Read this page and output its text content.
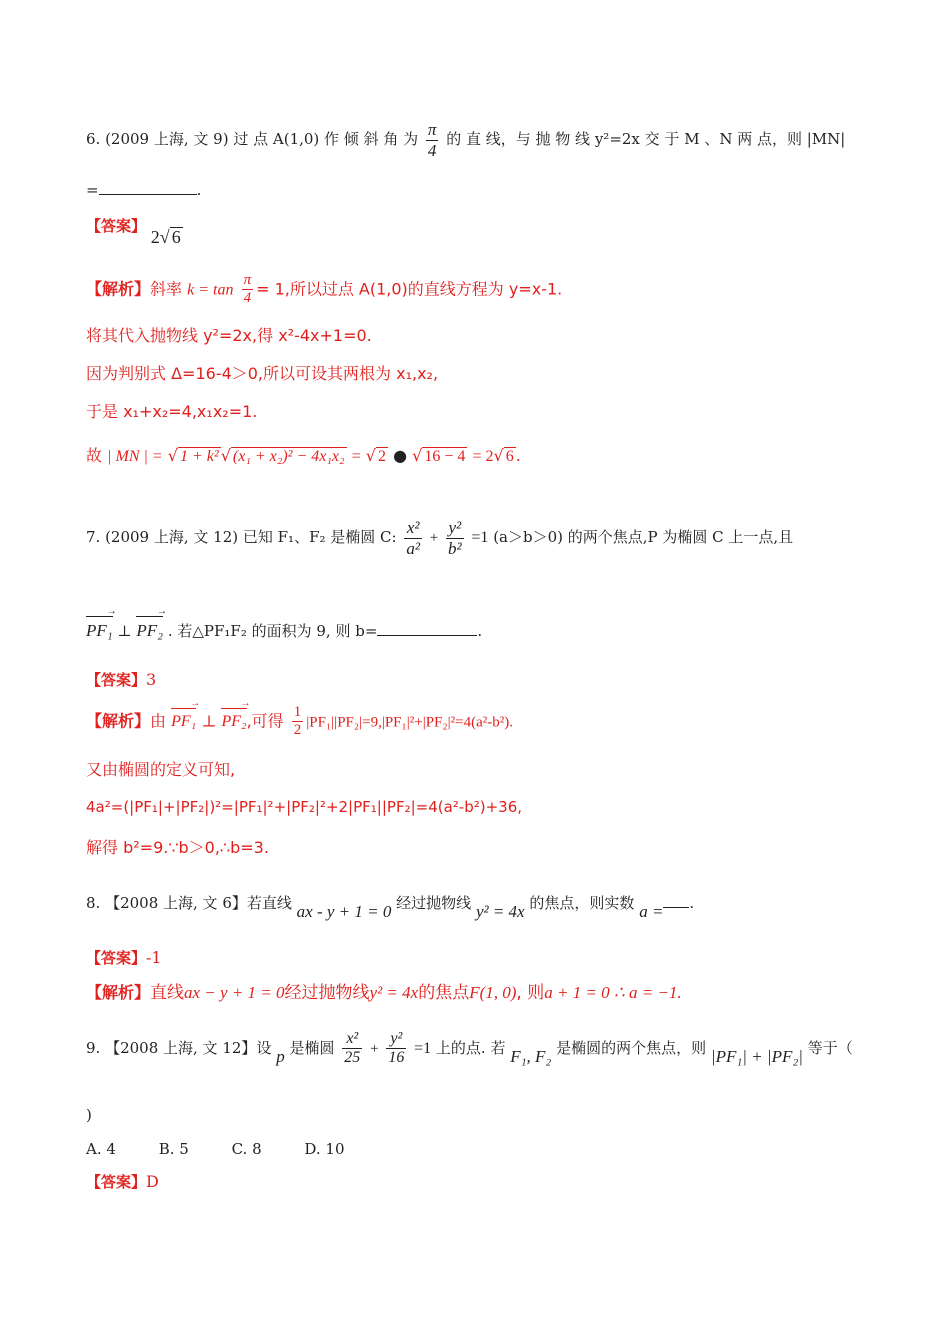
6. (2009 上海, 文 9) 过 点 A(1,0) 作 倾 斜 角 为 $\frac{\pi}{4}$ 的 直 线，与 抛 物 线 y²=2x 交 于 M 、N 两 点，则 |MN|
=	.
【答案】 2√ 6
【解析】斜率 $k = \tan \frac{\pi}{4} = 1$,所以过点 A(1,0)的直线方程为 y=x-1.
将其代入抛物线 y²=2x,得 x²-4x+1=0.
因为判别式 Δ=16-4＞0,所以可设其两根为 x₁,x₂,
于是 x₁+x₂=4,x₁x₂=1.
故 | MN | = √ 1 + k² √ (x₁ + x₂)² − 4x₁x₂ = √ 2 ● √ 16 − 4 = 2√ 6 .
7. (2009 上海, 文 12) 已知 F₁、F₂ 是椭圆 C: $\frac{\text{x²}}{\text{a²}} + \frac{\text{y²}}{\text{b²}} =1$ (a＞b＞0) 的两个焦点,P 为椭圆 C 上一点,且
PF₁ → ⊥ PF₂ → . 若△PF₁F₂ 的面积为 9, 则 b=	.
【答案】3
【解析】由 PF₁ → ⊥ PF₂ →,可得 $\frac{1}{2} |PF_1||PF_2|=9,|PF_1|^2+|PF_2|^2=4(a^2-b^2)$.
又由椭圆的定义可知,
4a²=(|PF₁|+|PF₂|)²=|PF₁|²+|PF₂|²+2|PF₁||PF₂|=4(a²-b²)+36,
解得 b²=9.∵b＞0,∴b=3.
8. 【2008 上海, 文 6】若直线 ax - y + 1 = 0 经过抛物线 y² = 4x 的焦点，则实数 a = .
【答案】-1
【解析】直线ax − y + 1 = 0经过抛物线y² = 4x的焦点F(1, 0), 则a + 1 = 0 ∴ a = −1.
9. 【2008 上海, 文 12】设 p 是椭圆 $\frac{\text{x²}}{25} + \frac{\text{y²}}{16} =1$ 上的点. 若 F₁, F₂ 是椭圆的两个焦点，则 |PF₁| + |PF₂| 等于（
)
A. 4	B. 5	C. 8	D. 10
【答案】D
